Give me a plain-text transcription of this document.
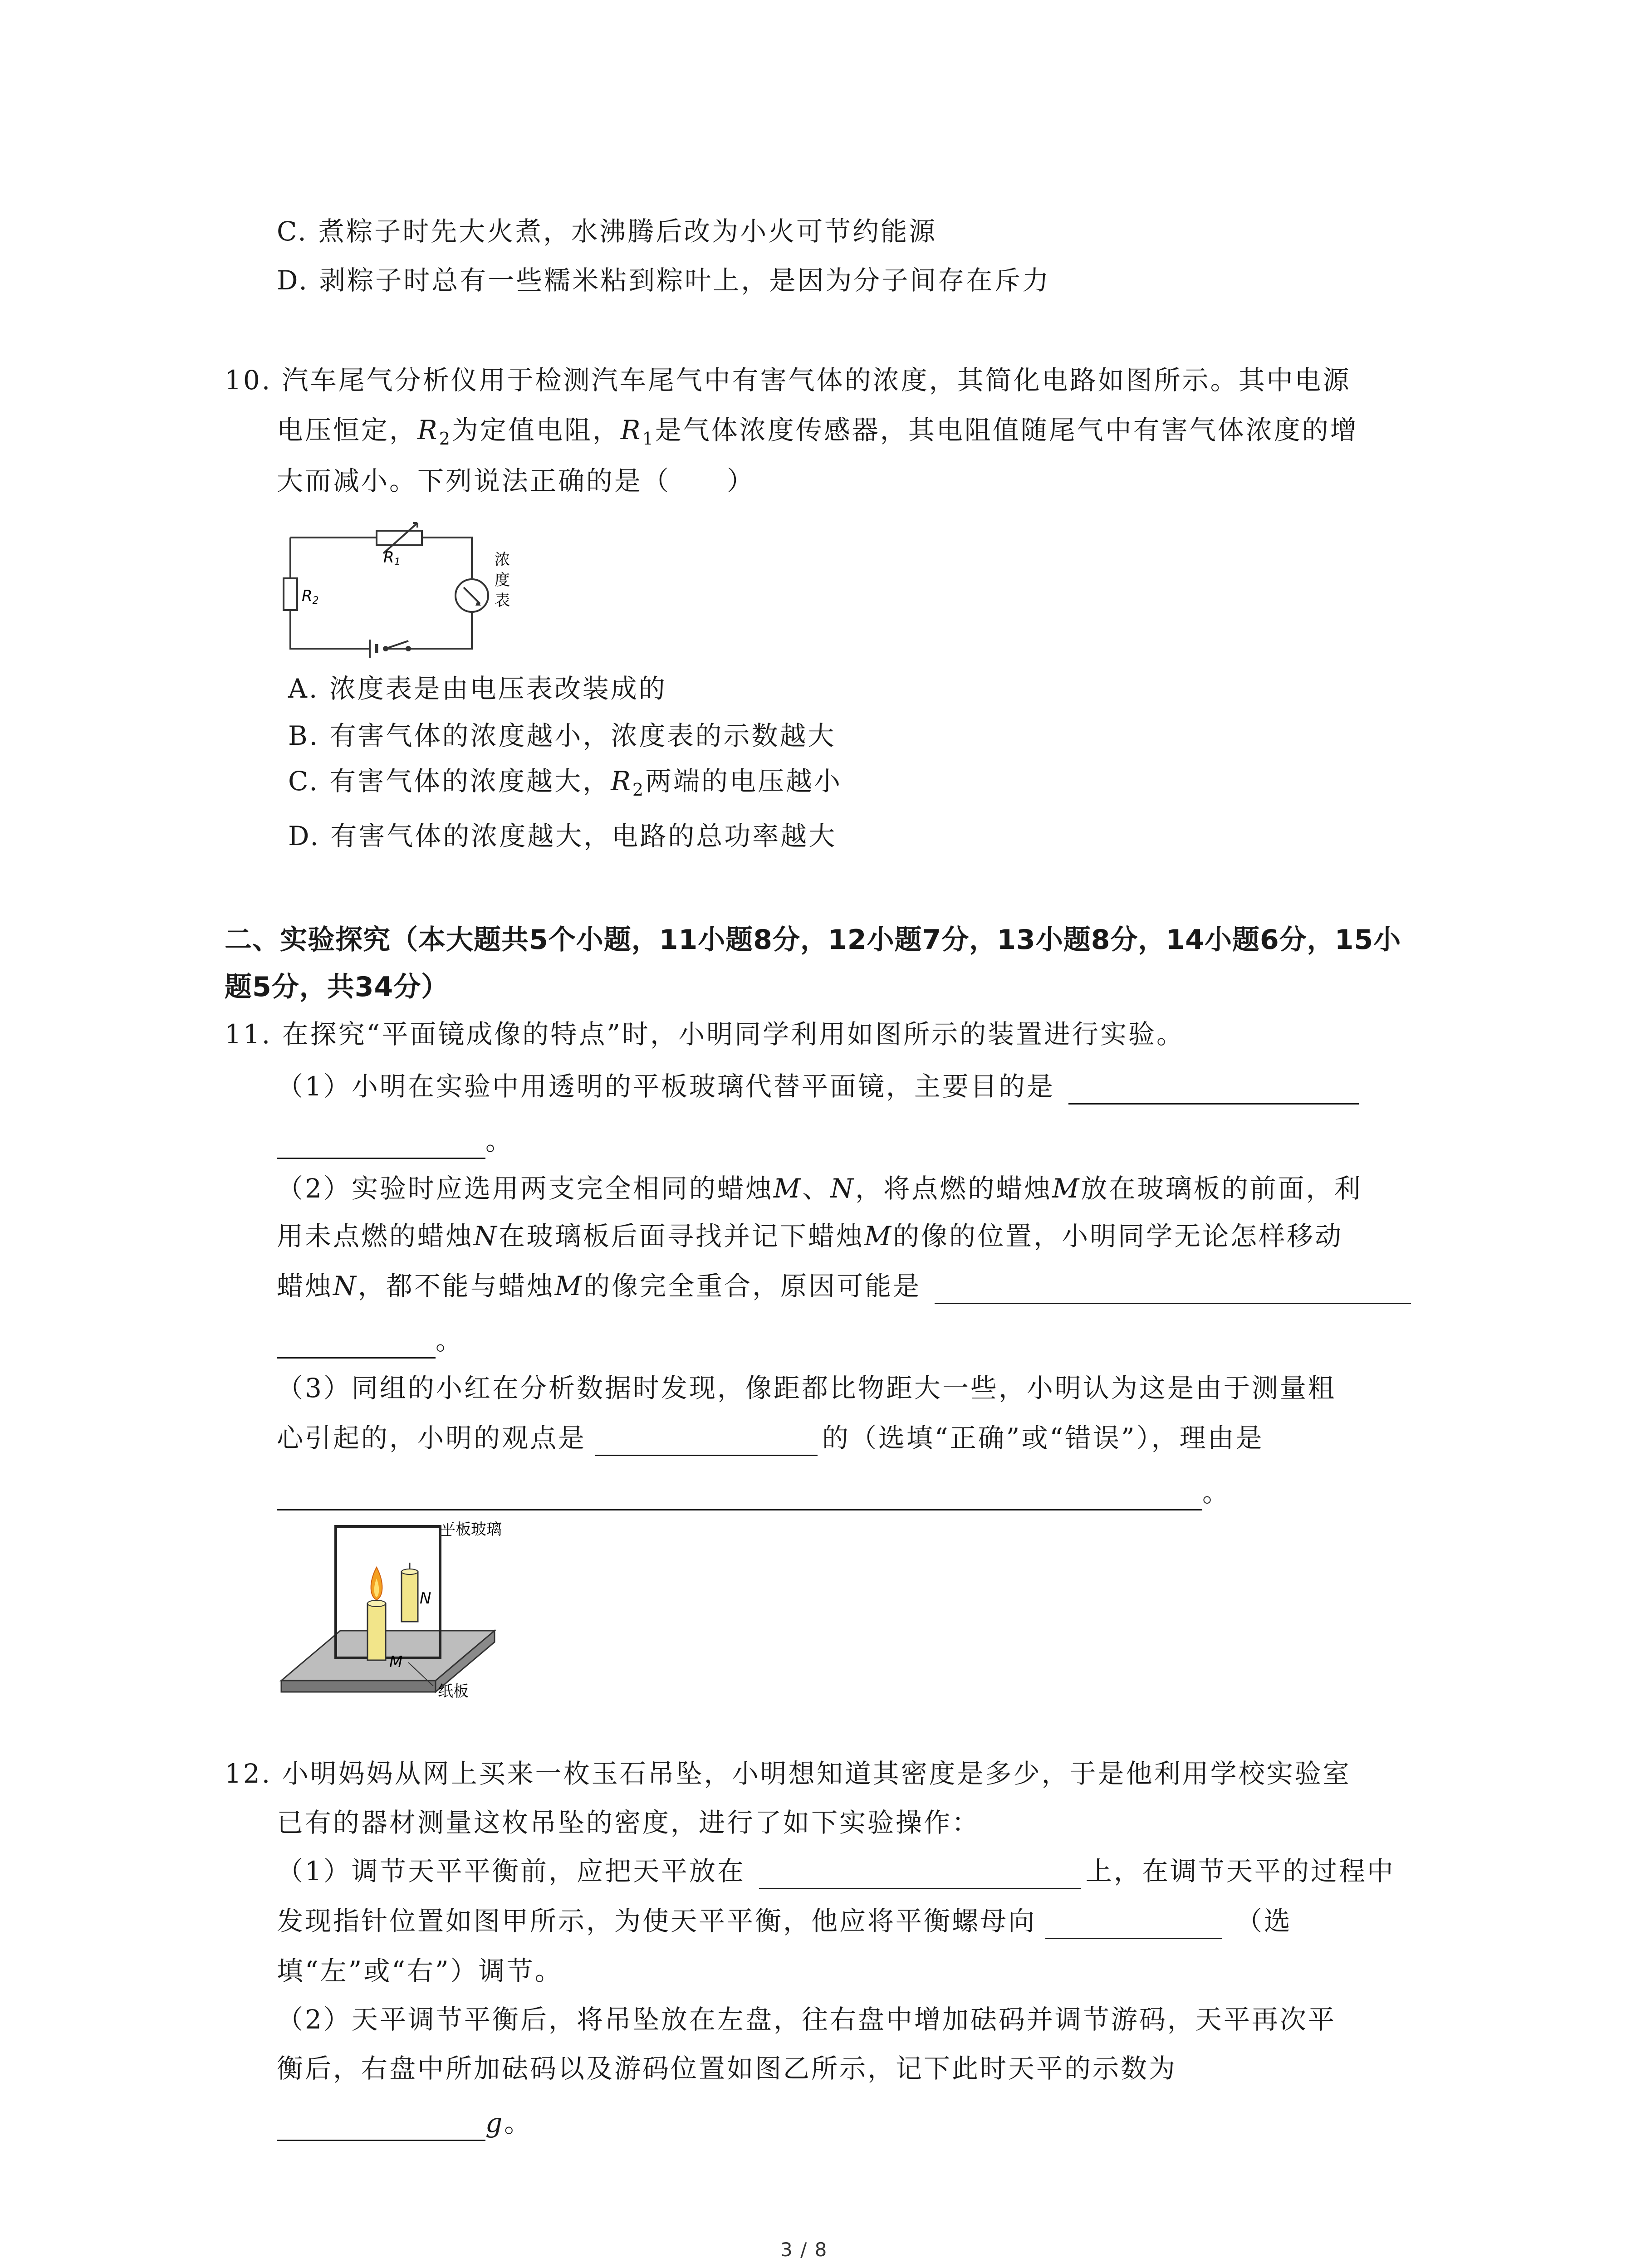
C. 煮粽子时先大火煮，水沸腾后改为小火可节约能源
D. 剥粽子时总有一些糯米粘到粽叶上，是因为分子间存在斥力
10. 汽车尾气分析仪用于检测汽车尾气中有害气体的浓度，其简化电路如图所示。其中电源
电压恒定，$R_2$为定值电阻，$R_1$是气体浓度传感器，其电阻值随尾气中有害气体浓度的增
大而减小。下列说法正确的是（　　）
R1
R2
浓
度
表
A. 浓度表是由电压表改装成的
B. 有害气体的浓度越小，浓度表的示数越大
C. 有害气体的浓度越大，$R_2$两端的电压越小
D. 有害气体的浓度越大，电路的总功率越大
二、实验探究（本大题共5个小题，11小题8分，12小题7分，13小题8分，14小题6分，15小
题5分，共34分）
11. 在探究“平面镜成像的特点”时，小明同学利用如图所示的装置进行实验。
（1）小明在实验中用透明的平板玻璃代替平面镜，主要目的是
。
（2）实验时应选用两支完全相同的蜡烛M、N，将点燃的蜡烛M放在玻璃板的前面，利
用未点燃的蜡烛N在玻璃板后面寻找并记下蜡烛M的像的位置，小明同学无论怎样移动
蜡烛N，都不能与蜡烛M的像完全重合，原因可能是
。
（3）同组的小红在分析数据时发现，像距都比物距大一些，小明认为这是由于测量粗
心引起的，小明的观点是	的（选填“正确”或“错误”），理由是
。
平板玻璃
纸板
M
N
12. 小明妈妈从网上买来一枚玉石吊坠，小明想知道其密度是多少，于是他利用学校实验室
已有的器材测量这枚吊坠的密度，进行了如下实验操作：
（1）调节天平平衡前，应把天平放在	上，在调节天平的过程中
发现指针位置如图甲所示，为使天平平衡，他应将平衡螺母向	（选
填“左”或“右”）调节。
（2）天平调节平衡后，将吊坠放在左盘，往右盘中增加砝码并调节游码，天平再次平
衡后，右盘中所加砝码以及游码位置如图乙所示，记下此时天平的示数为
g。
3 / 8
